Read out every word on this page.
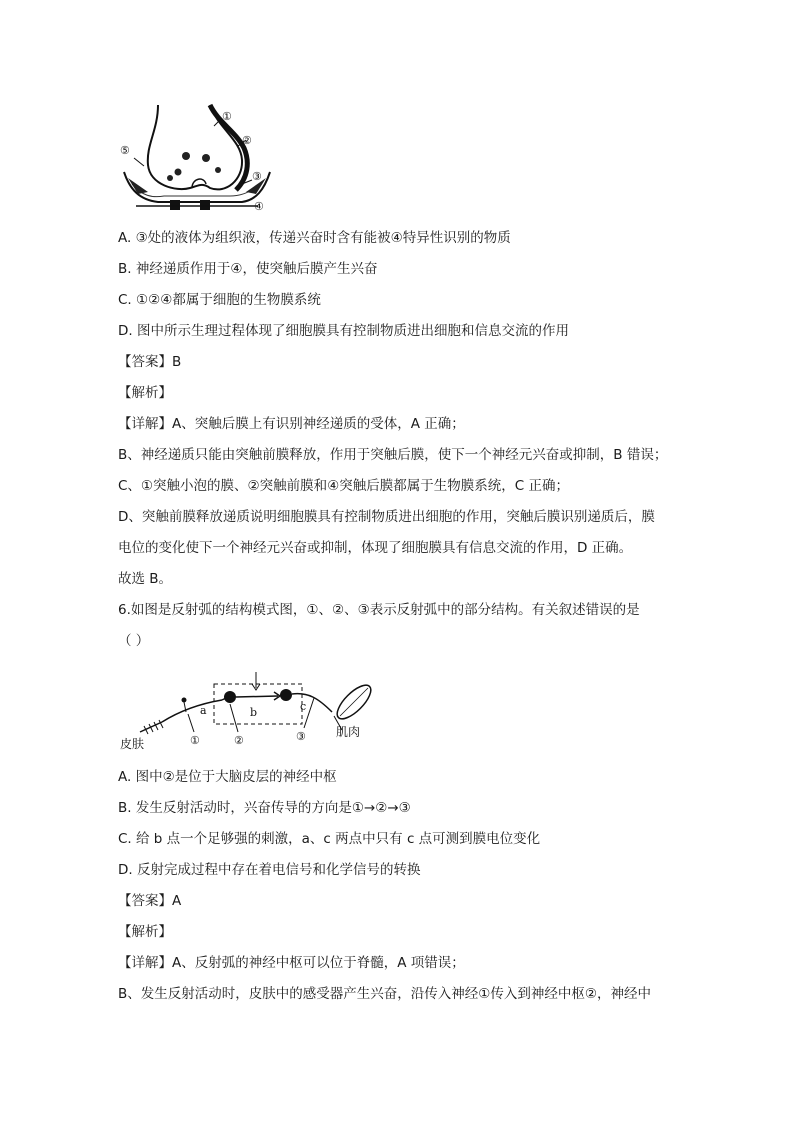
①
②
③
④
⑤
A. ③处的液体为组织液，传递兴奋时含有能被④特异性识别的物质
B. 神经递质作用于④，使突触后膜产生兴奋
C. ①②④都属于细胞的生物膜系统
D. 图中所示生理过程体现了细胞膜具有控制物质进出细胞和信息交流的作用
【答案】B
【解析】
【详解】A、突触后膜上有识别神经递质的受体，A 正确；
B、神经递质只能由突触前膜释放，作用于突触后膜，使下一个神经元兴奋或抑制，B 错误；
C、①突触小泡的膜、②突触前膜和④突触后膜都属于生物膜系统，C 正确；
D、突触前膜释放递质说明细胞膜具有控制物质进出细胞的作用，突触后膜识别递质后，膜
电位的变化使下一个神经元兴奋或抑制，体现了细胞膜具有信息交流的作用，D 正确。
故选 B。
6.如图是反射弧的结构模式图，①、②、③表示反射弧中的部分结构。有关叙述错误的是
（ ）
a	b	c
①	②	③
皮肤
肌肉
A. 图中②是位于大脑皮层的神经中枢
B. 发生反射活动时，兴奋传导的方向是①→②→③
C. 给 b 点一个足够强的刺激，a、c 两点中只有 c 点可测到膜电位变化
D. 反射完成过程中存在着电信号和化学信号的转换
【答案】A
【解析】
【详解】A、反射弧的神经中枢可以位于脊髓，A 项错误；
B、发生反射活动时，皮肤中的感受器产生兴奋，沿传入神经①传入到神经中枢②，神经中
